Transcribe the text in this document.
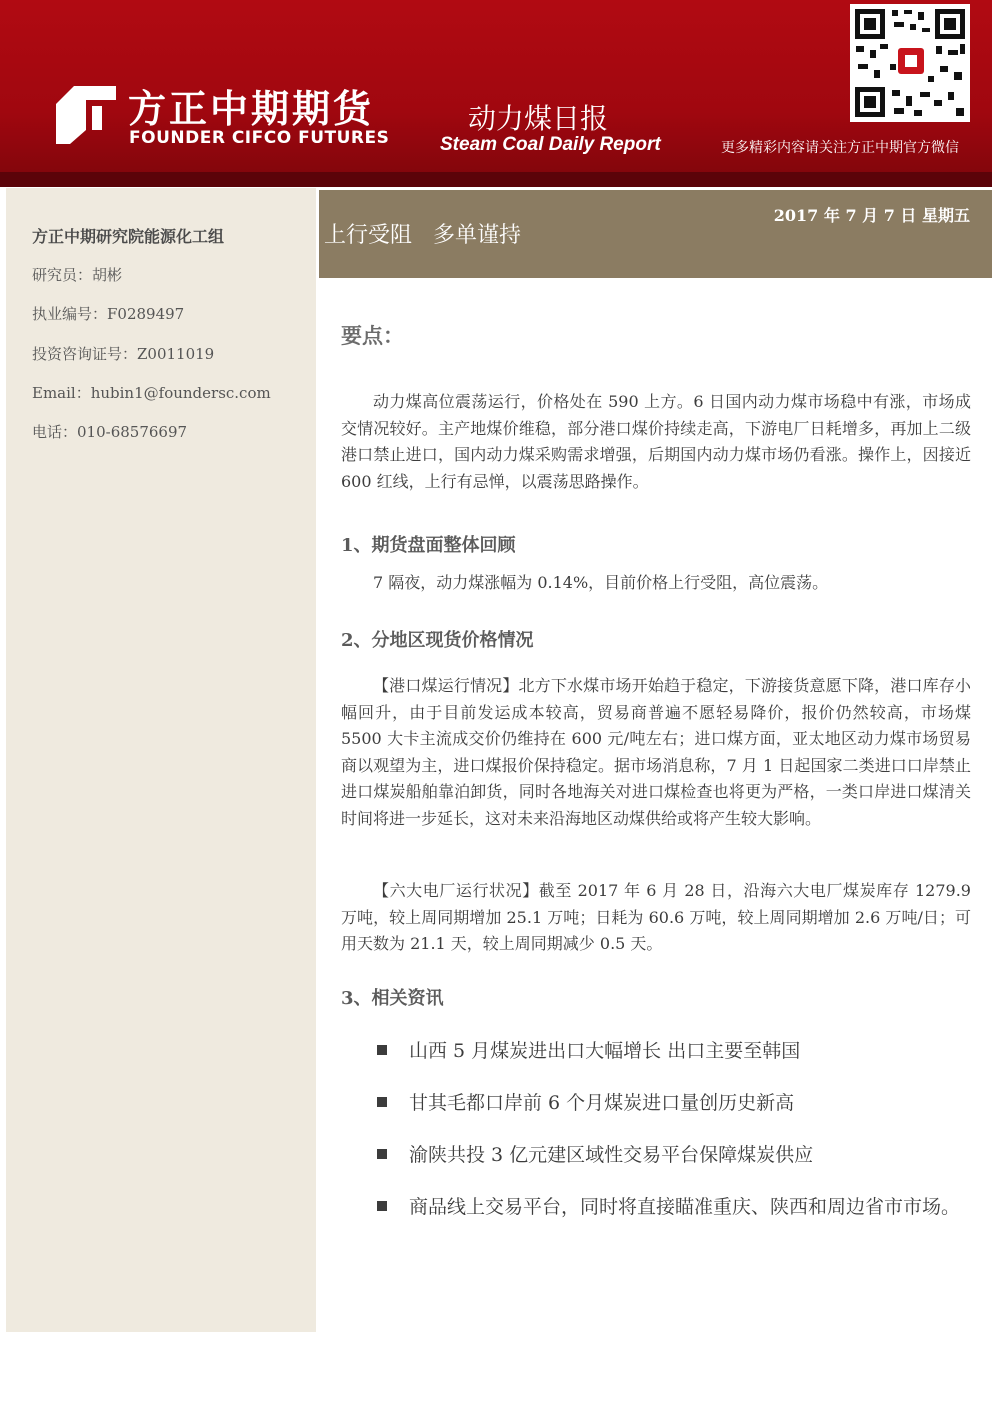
方正中期期货
FOUNDER CIFCO FUTURES
动力煤日报
Steam Coal Daily Report	更多精彩内容请关注方正中期官方微信
方正中期研究院能源化工组
研究员：胡彬
执业编号：F0289497
投资咨询证号：Z0011019
Email：hubin1@foundersc.com
电话：010-68576697
2017 年 7 月 7 日 星期五
上行受阻 多单谨持
要点：

动力煤高位震荡运行，价格处在 590 上方。6 日国内动力煤市场稳中有涨，市场成交情况较好。主产地煤价维稳，部分港口煤价持续走高，下游电厂日耗增多，再加上二级港口禁止进口，国内动力煤采购需求增强，后期国内动力煤市场仍看涨。操作上，因接近 600 红线，上行有忌惮，以震荡思路操作。

1、期货盘面整体回顾

7 隔夜，动力煤涨幅为 0.14%，目前价格上行受阻，高位震荡。

2、分地区现货价格情况

【港口煤运行情况】北方下水煤市场开始趋于稳定，下游接货意愿下降，港口库存小幅回升，由于目前发运成本较高，贸易商普遍不愿轻易降价，报价仍然较高，市场煤 5500 大卡主流成交价仍维持在 600 元/吨左右；进口煤方面，亚太地区动力煤市场贸易商以观望为主，进口煤报价保持稳定。据市场消息称，7 月 1 日起国家二类进口口岸禁止进口煤炭船舶靠泊卸货，同时各地海关对进口煤检查也将更为严格，一类口岸进口煤清关时间将进一步延长，这对未来沿海地区动煤供给或将产生较大影响。

【六大电厂运行状况】截至 2017 年 6 月 28 日，沿海六大电厂煤炭库存 1279.9 万吨，较上周同期增加 25.1 万吨；日耗为 60.6 万吨，较上周同期增加 2.6 万吨/日；可用天数为 21.1 天，较上周同期减少 0.5 天。

3、相关资讯
山西 5 月煤炭进出口大幅增长 出口主要至韩国
甘其毛都口岸前 6 个月煤炭进口量创历史新高
渝陕共投 3 亿元建区域性交易平台保障煤炭供应
商品线上交易平台，同时将直接瞄准重庆、陕西和周边省市市场。
